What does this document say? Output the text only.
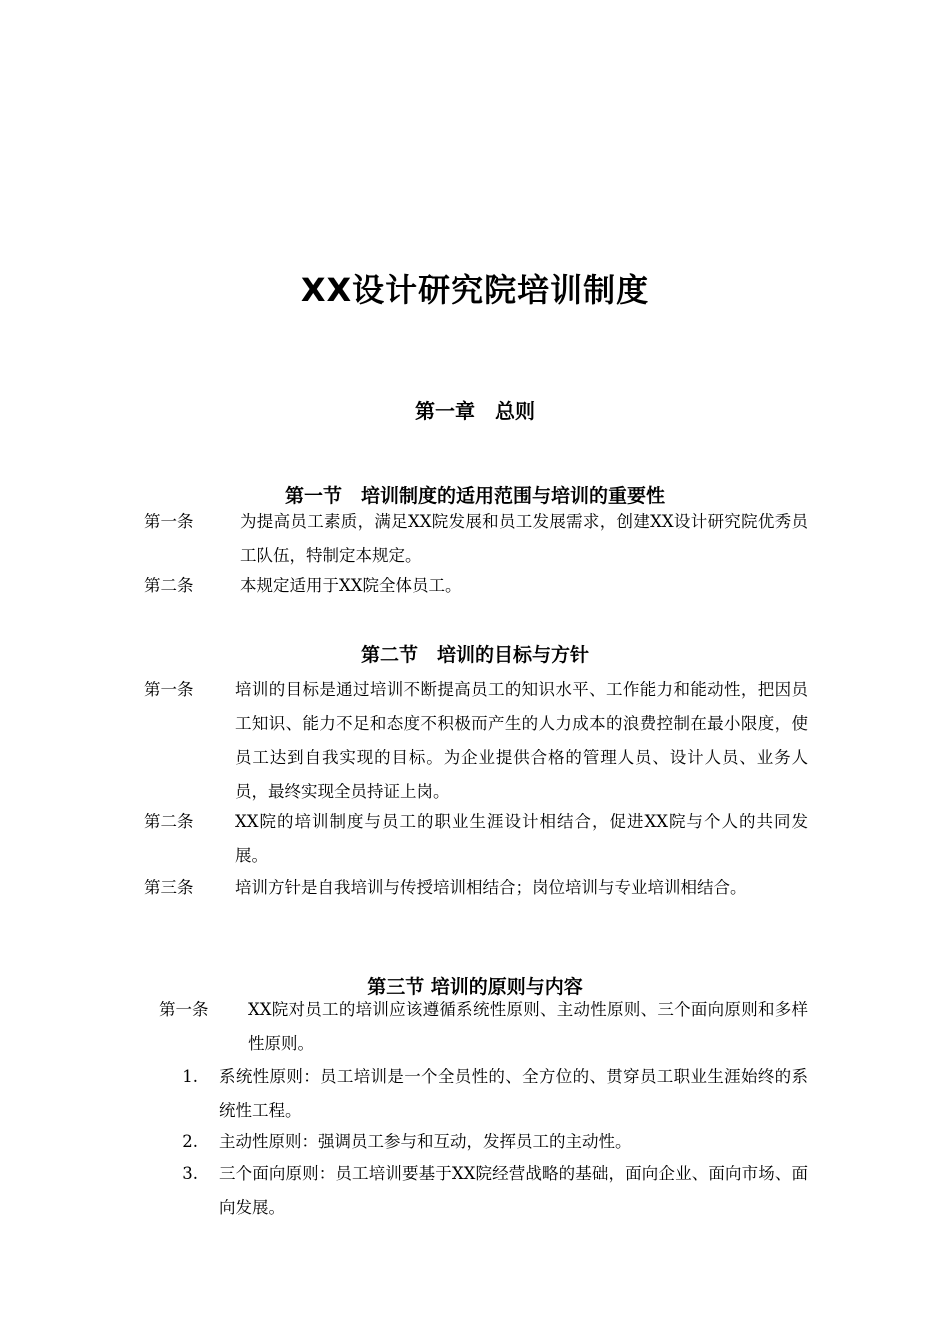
XX设计研究院培训制度
第一章　总则
第一节　培训制度的适用范围与培训的重要性
第一条	为提高员工素质，满足XX院发展和员工发展需求，创建XX设计研究院优秀员工队伍，特制定本规定。
第二条	本规定适用于XX院全体员工。
第二节　培训的目标与方针
第一条	培训的目标是通过培训不断提高员工的知识水平、工作能力和能动性，把因员工知识、能力不足和态度不积极而产生的人力成本的浪费控制在最小限度，使员工达到自我实现的目标。为企业提供合格的管理人员、设计人员、业务人员，最终实现全员持证上岗。
第二条	XX院的培训制度与员工的职业生涯设计相结合，促进XX院与个人的共同发展。
第三条	培训方针是自我培训与传授培训相结合；岗位培训与专业培训相结合。
第三节 培训的原则与内容
第一条 XX院对员工的培训应该遵循系统性原则、主动性原则、三个面向原则和多样性原则。
1. 系统性原则：员工培训是一个全员性的、全方位的、贯穿员工职业生涯始终的系统性工程。
2. 主动性原则：强调员工参与和互动，发挥员工的主动性。
3. 三个面向原则：员工培训要基于XX院经营战略的基础，面向企业、面向市场、面向发展。
